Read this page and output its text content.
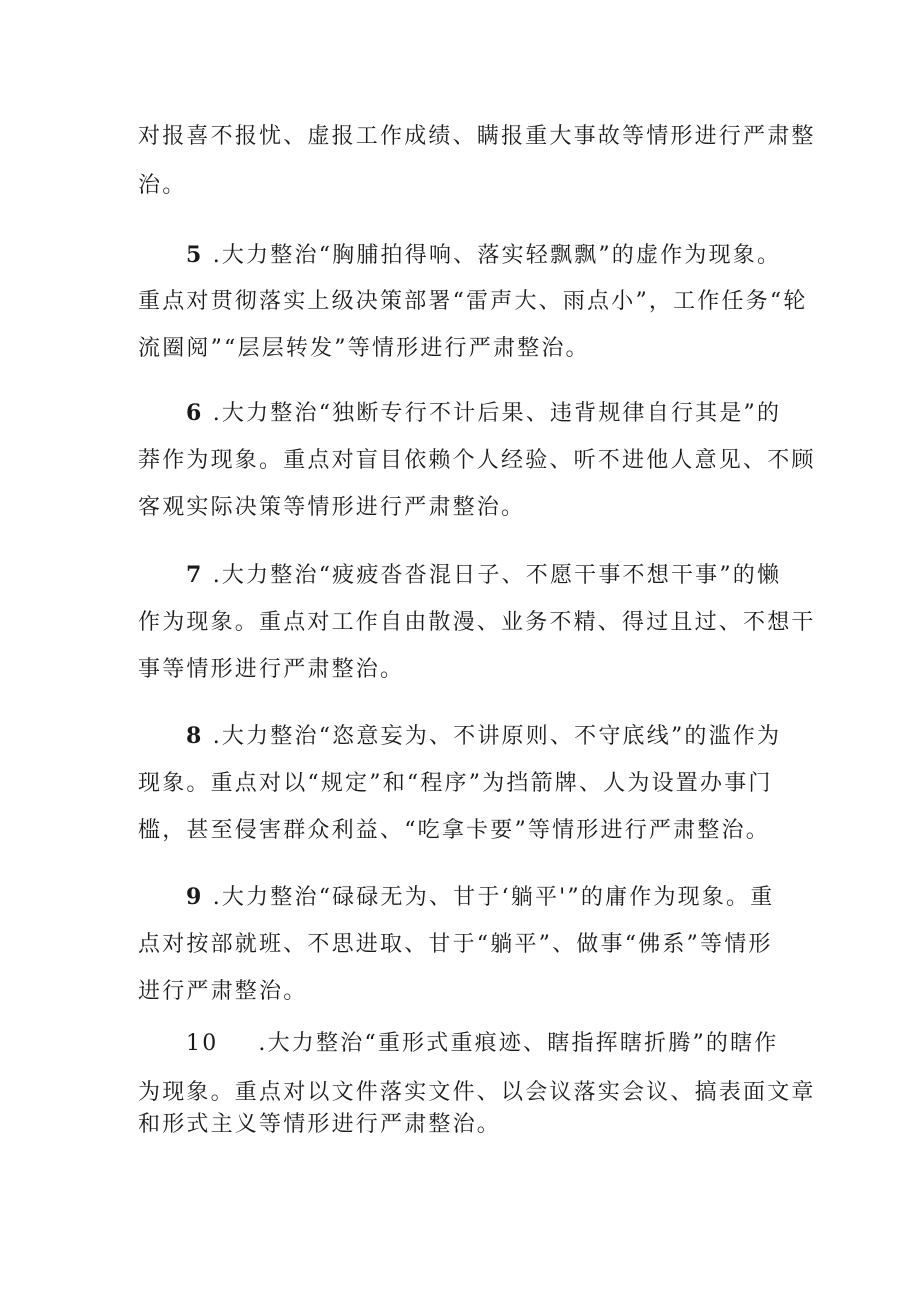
对报喜不报忧、虚报工作成绩、瞒报重大事故等情形进行严肃整
治。
5 .大力整治“胸脯拍得响、落实轻飘飘”的虚作为现象。
重点对贯彻落实上级决策部署“雷声大、雨点小”，工作任务“轮
流圈阅”“层层转发”等情形进行严肃整治。
6 .大力整治“独断专行不计后果、违背规律自行其是”的
莽作为现象。重点对盲目依赖个人经验、听不进他人意见、不顾
客观实际决策等情形进行严肃整治。
7 .大力整治“疲疲沓沓混日子、不愿干事不想干事”的懒
作为现象。重点对工作自由散漫、业务不精、得过且过、不想干
事等情形进行严肃整治。
8 .大力整治“恣意妄为、不讲原则、不守底线”的滥作为
现象。重点对以“规定”和“程序”为挡箭牌、人为设置办事门
槛，甚至侵害群众利益、“吃拿卡要”等情形进行严肃整治。
9 .大力整治“碌碌无为、甘于‘躺平'”的庸作为现象。重
点对按部就班、不思进取、甘于“躺平”、做事“佛系”等情形
进行严肃整治。
10 .大力整治“重形式重痕迹、瞎指挥瞎折腾”的瞎作
为现象。重点对以文件落实文件、以会议落实会议、搞表面文章
和形式主义等情形进行严肃整治。
